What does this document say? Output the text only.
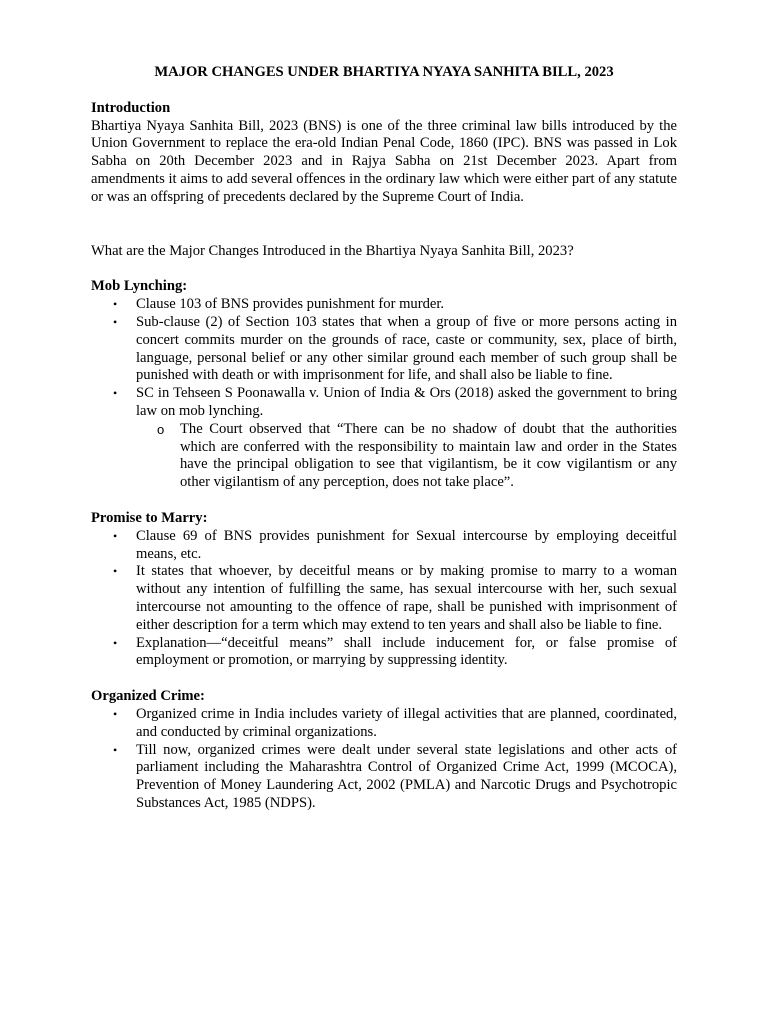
MAJOR CHANGES UNDER BHARTIYA NYAYA SANHITA BILL, 2023
Introduction
Bhartiya Nyaya Sanhita Bill, 2023 (BNS) is one of the three criminal law bills introduced by the Union Government to replace the era-old Indian Penal Code, 1860 (IPC). BNS was passed in Lok Sabha on 20th December 2023 and in Rajya Sabha on 21st December 2023. Apart from amendments it aims to add several offences in the ordinary law which were either part of any statute or was an offspring of precedents declared by the Supreme Court of India.
What are the Major Changes Introduced in the Bhartiya Nyaya Sanhita Bill, 2023?
Mob Lynching:
• Clause 103 of BNS provides punishment for murder.
• Sub-clause (2) of Section 103 states that when a group of five or more persons acting in concert commits murder on the grounds of race, caste or community, sex, place of birth, language, personal belief or any other similar ground each member of such group shall be punished with death or with imprisonment for life, and shall also be liable to fine.
• SC in Tehseen S Poonawalla v. Union of India & Ors (2018) asked the government to bring law on mob lynching.
o The Court observed that “There can be no shadow of doubt that the authorities which are conferred with the responsibility to maintain law and order in the States have the principal obligation to see that vigilantism, be it cow vigilantism or any other vigilantism of any perception, does not take place”.
Promise to Marry:
• Clause 69 of BNS provides punishment for Sexual intercourse by employing deceitful means, etc.
• It states that whoever, by deceitful means or by making promise to marry to a woman without any intention of fulfilling the same, has sexual intercourse with her, such sexual intercourse not amounting to the offence of rape, shall be punished with imprisonment of either description for a term which may extend to ten years and shall also be liable to fine.
• Explanation—“deceitful means” shall include inducement for, or false promise of employment or promotion, or marrying by suppressing identity.
Organized Crime:
• Organized crime in India includes variety of illegal activities that are planned, coordinated, and conducted by criminal organizations.
• Till now, organized crimes were dealt under several state legislations and other acts of parliament including the Maharashtra Control of Organized Crime Act, 1999 (MCOCA), Prevention of Money Laundering Act, 2002 (PMLA) and Narcotic Drugs and Psychotropic Substances Act, 1985 (NDPS).
